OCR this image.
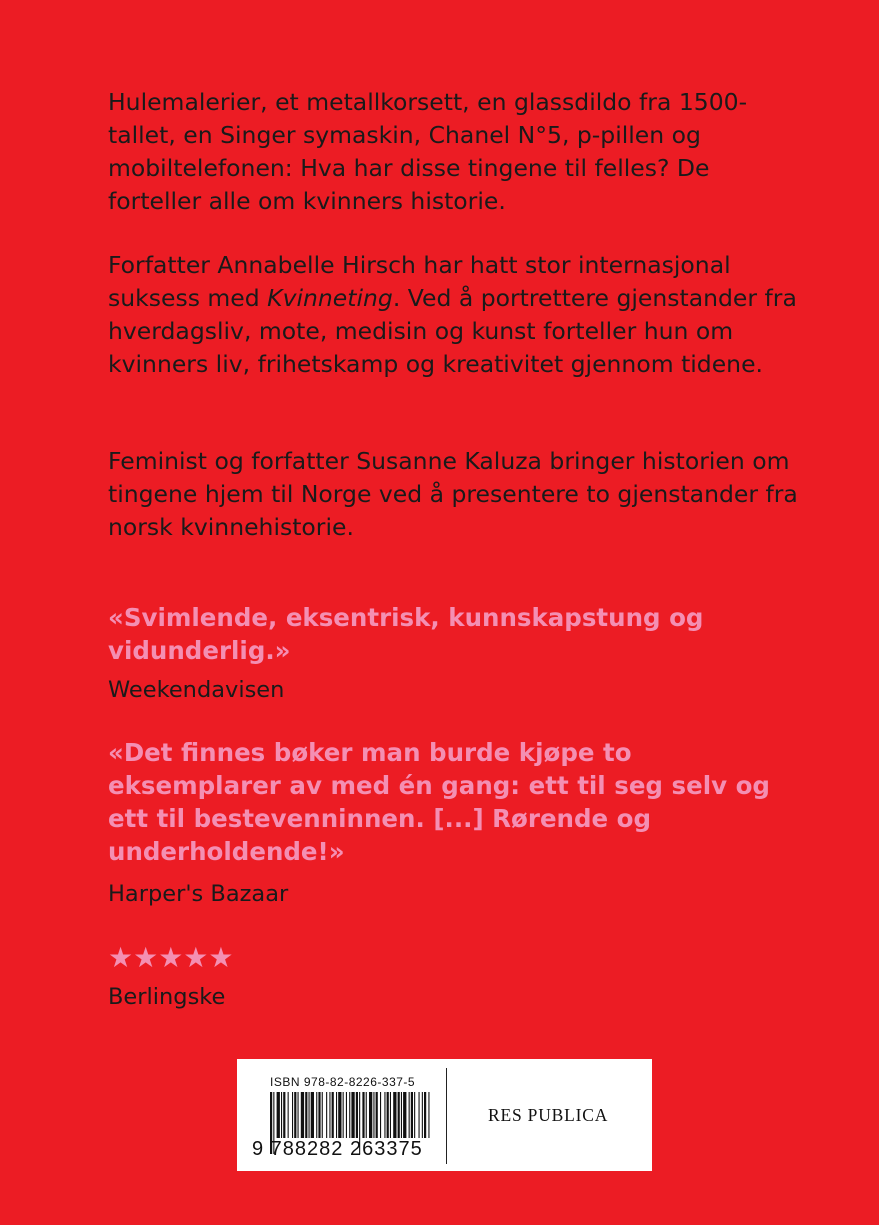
Hulemalerier, et metallkorsett, en glassdildo fra 1500-tallet, en Singer symaskin, Chanel N°5, p-pillen og mobiltelefonen: Hva har disse tingene til felles? De forteller alle om kvinners historie.

Forfatter Annabelle Hirsch har hatt stor internasjonal suksess med Kvinneting. Ved å portrettere gjenstander fra hverdagsliv, mote, medisin og kunst forteller hun om kvinners liv, frihetskamp og kreativitet gjennom tidene.

Feminist og forfatter Susanne Kaluza bringer historien om tingene hjem til Norge ved å presentere to gjenstander fra norsk kvinnehistorie.

«Svimlende, eksentrisk, kunnskapstung og vidunderlig.»

Weekendavisen

«Det finnes bøker man burde kjøpe to eksemplarer av med én gang: ett til seg selv og ett til bestevenninnen. [...] Rørende og underholdende!»

Harper's Bazaar

★★★★★

Berlingske

ISBN 978-82-8226-337-5
9 788282 263375
RES PUBLICA
